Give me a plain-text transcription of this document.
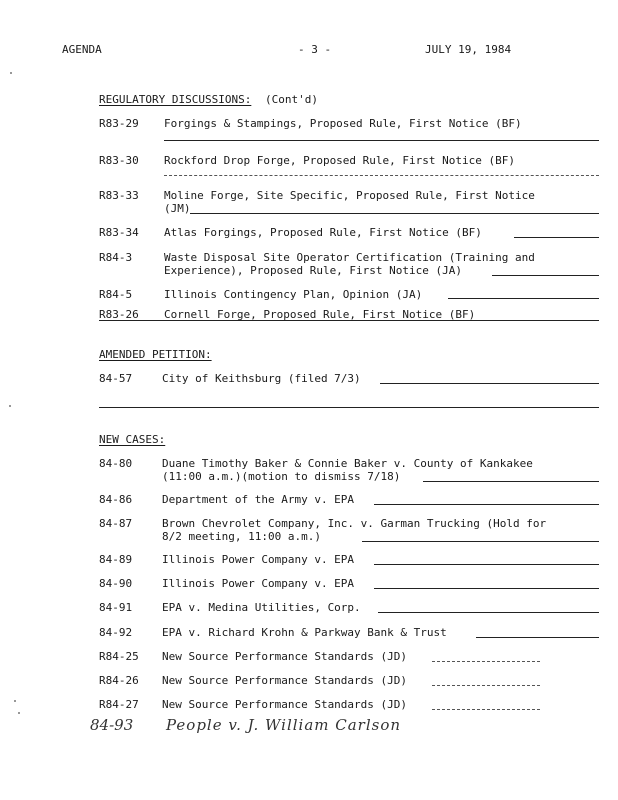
AGENDA	- 3 -	JULY 19, 1984
REGULATORY DISCUSSIONS: (Cont'd)
R83-29 Forgings & Stampings, Proposed Rule, First Notice (BF)
R83-30 Rockford Drop Forge, Proposed Rule, First Notice (BF)
R83-33 Moline Forge, Site Specific, Proposed Rule, First Notice
(JM)
R83-34 Atlas Forgings, Proposed Rule, First Notice (BF)
R84-3	Waste Disposal Site Operator Certification (Training and
Experience), Proposed Rule, First Notice (JA)
R84-5	Illinois Contingency Plan, Opinion (JA)
R83-26 Cornell Forge, Proposed Rule, First Notice (BF)
AMENDED PETITION:
84-57	City of Keithsburg (filed 7/3)
NEW CASES:
84-80	Duane Timothy Baker & Connie Baker v. County of Kankakee
(11:00 a.m.)(motion to dismiss 7/18)
84-86	Department of the Army v. EPA
84-87	Brown Chevrolet Company, Inc. v. Garman Trucking (Hold for
8/2 meeting, 11:00 a.m.)
84-89	Illinois Power Company v. EPA
84-90	Illinois Power Company v. EPA
84-91	EPA v. Medina Utilities, Corp.
84-92	EPA v. Richard Krohn & Parkway Bank & Trust
R84-25 New Source Performance Standards (JD)
R84-26 New Source Performance Standards (JD)
R84-27 New Source Performance Standards (JD)
84-93 People v. J. William Carlson
